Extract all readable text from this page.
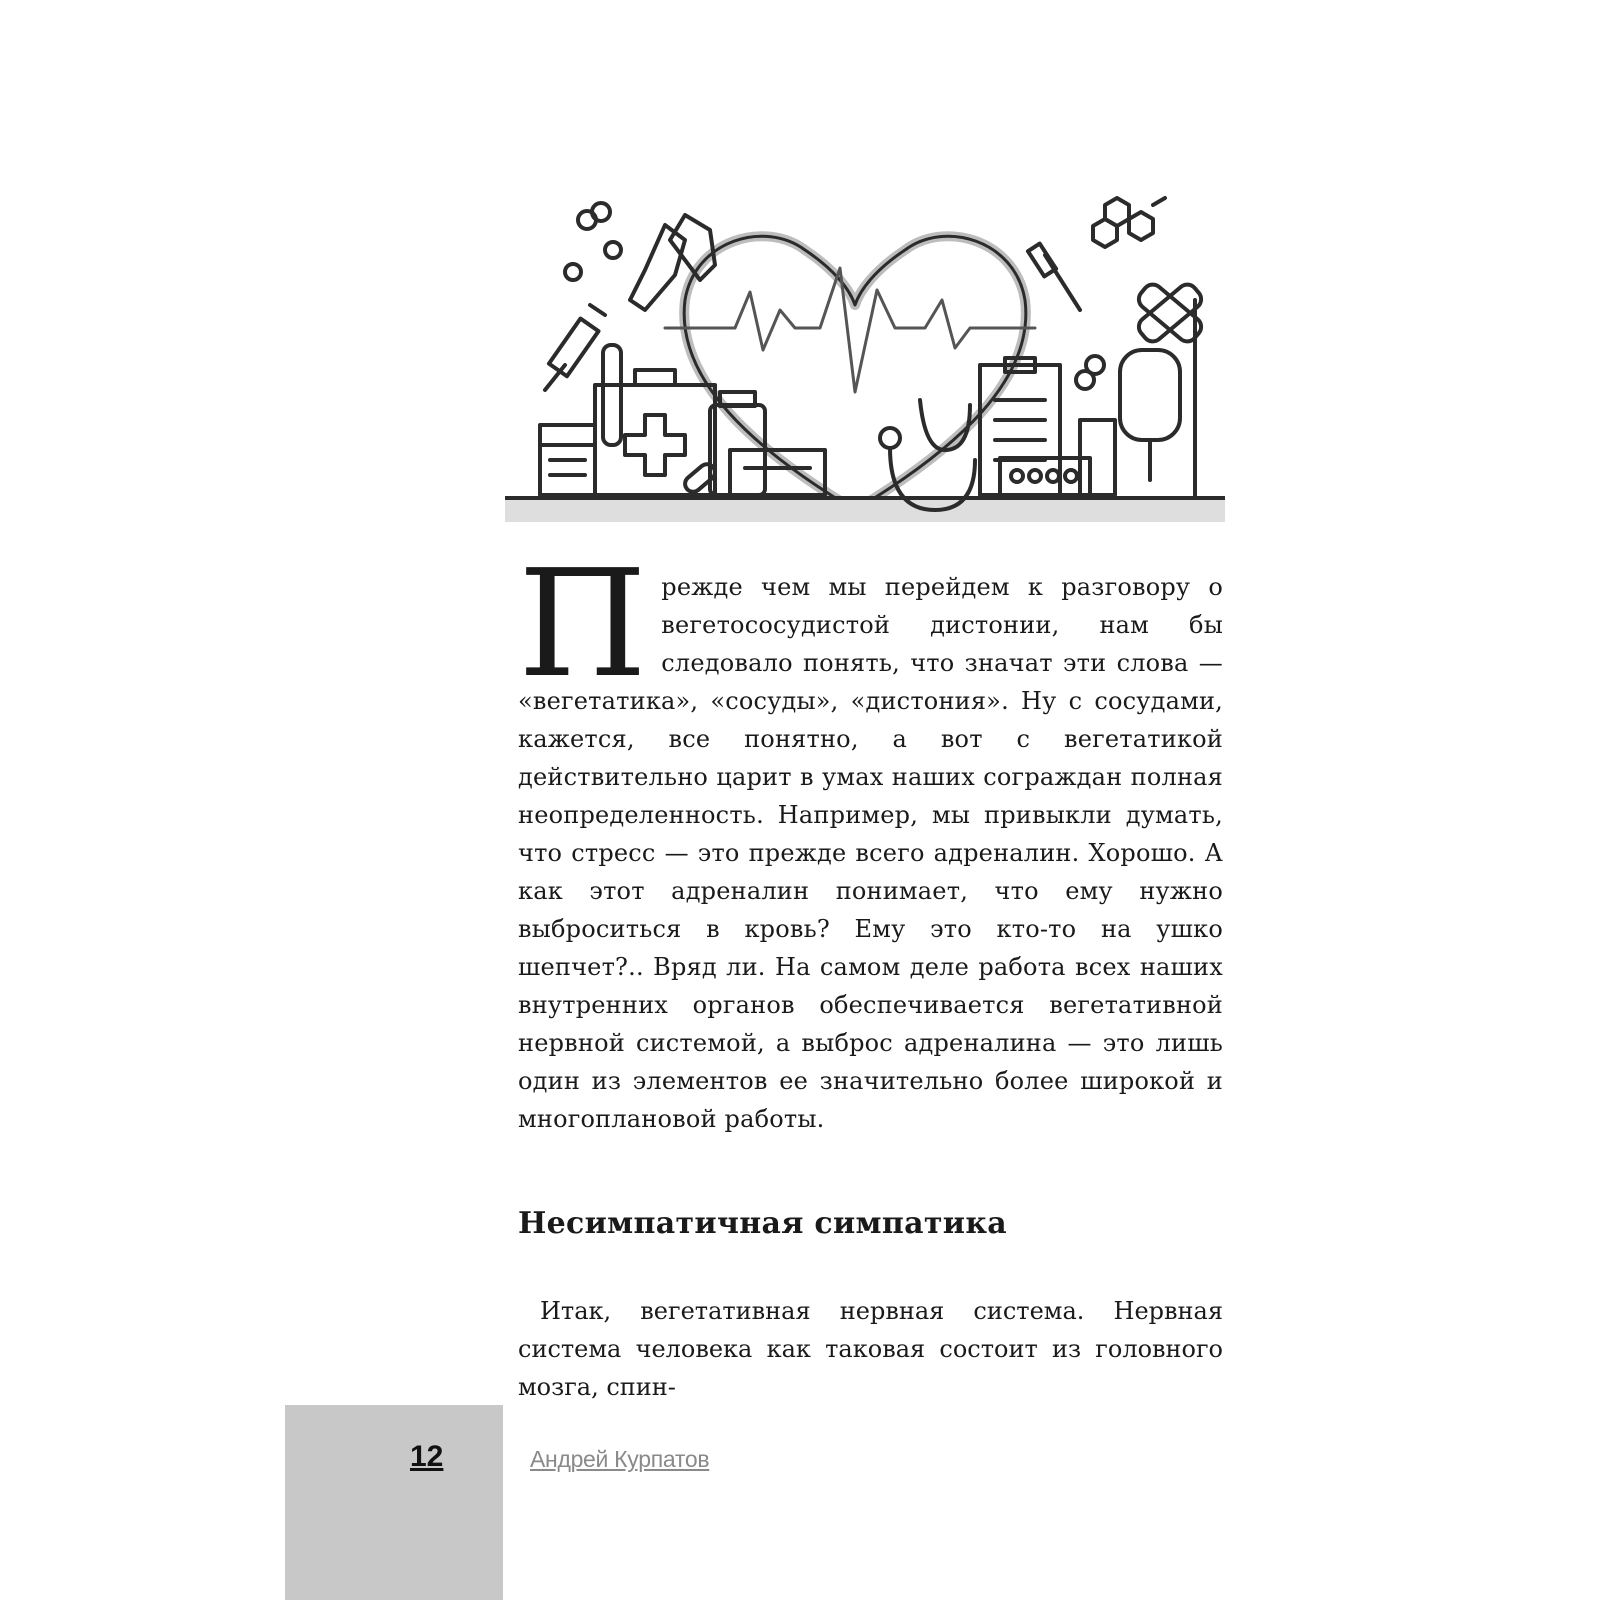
Прежде чем мы перейдем к разговору о вегетососудистой дистонии, нам бы следовало понять, что значат эти слова — «вегетатика», «сосуды», «дистония». Ну с сосудами, кажется, все понятно, а вот с вегетатикой действительно царит в умах наших сограждан полная неопределенность. Например, мы привыкли думать, что стресс — это прежде всего адреналин. Хорошо. А как этот адреналин понимает, что ему нужно выброситься в кровь? Ему это кто-то на ушко шепчет?.. Вряд ли. На самом деле работа всех наших внутренних органов обеспечивается вегетативной нервной системой, а выброс адреналина — это лишь один из элементов ее значительно более широкой и многоплановой работы.

Несимпатичная симпатика

Итак, вегетативная нервная система. Нервная система человека как таковая состоит из головного мозга, спин-

12	Андрей Курпатов
